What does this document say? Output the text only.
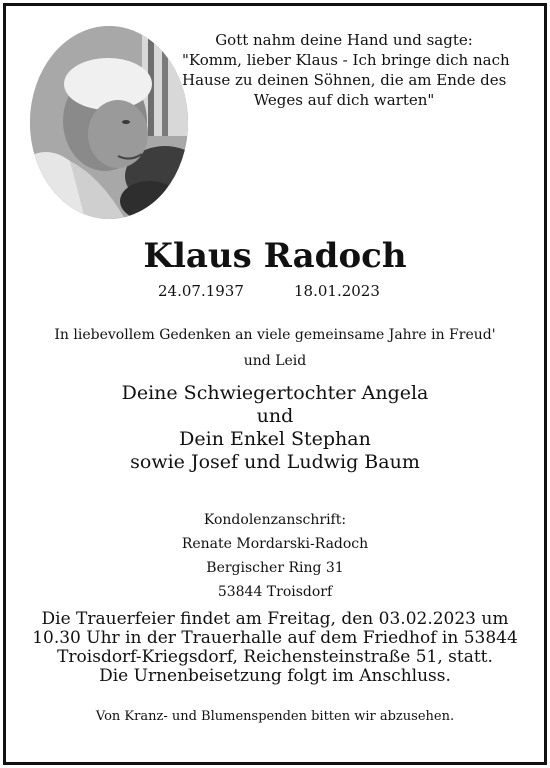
Gott nahm deine Hand und sagte:
"Komm, lieber Klaus - Ich bringe dich nach
Hause zu deinen Söhnen, die am Ende des
Weges auf dich warten"
Klaus Radoch
24.07.1937	18.01.2023
In liebevollem Gedenken an viele gemeinsame Jahre in Freud'
und Leid
Deine Schwiegertochter Angela
und
Dein Enkel Stephan
sowie Josef und Ludwig Baum
Kondolenzanschrift:
Renate Mordarski-Radoch
Bergischer Ring 31
53844 Troisdorf
Die Trauerfeier findet am Freitag, den 03.02.2023 um
10.30 Uhr in der Trauerhalle auf dem Friedhof in 53844
Troisdorf-Kriegsdorf, Reichensteinstraße 51, statt.
Die Urnenbeisetzung folgt im Anschluss.
Von Kranz- und Blumenspenden bitten wir abzusehen.
